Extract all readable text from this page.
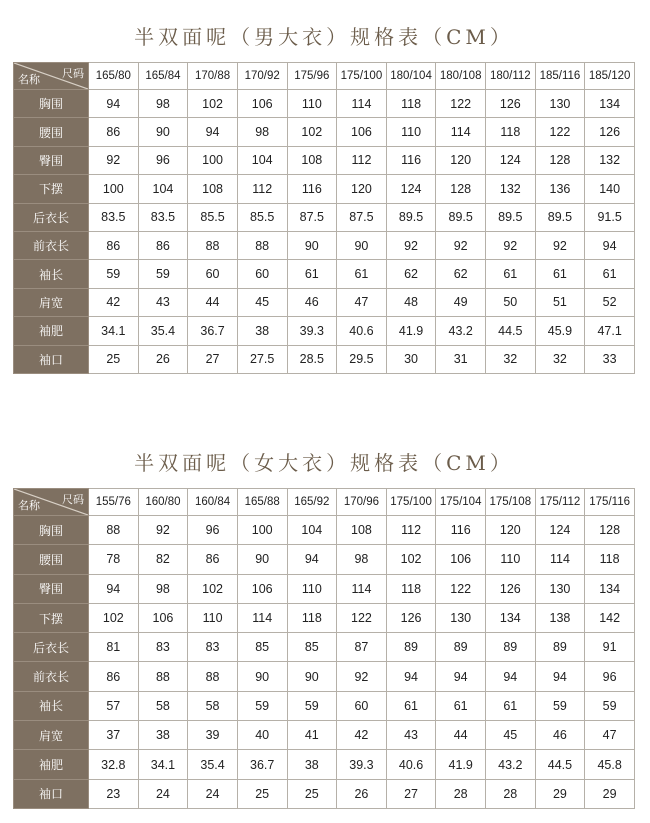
半双面呢（男大衣）规格表（CM）
尺码
名称	165/80	165/84	170/88	170/92	175/96	175/100	180/104	180/108	180/112	185/116	185/120
胸围	94	98	102	106	110	114	118	122	126	130	134
腰围	86	90	94	98	102	106	110	114	118	122	126
臀围	92	96	100	104	108	112	116	120	124	128	132
下摆	100	104	108	112	116	120	124	128	132	136	140
后衣长	83.5	83.5	85.5	85.5	87.5	87.5	89.5	89.5	89.5	89.5	91.5
前衣长	86	86	88	88	90	90	92	92	92	92	94
袖长	59	59	60	60	61	61	62	62	61	61	61
肩宽	42	43	44	45	46	47	48	49	50	51	52
袖肥	34.1	35.4	36.7	38	39.3	40.6	41.9	43.2	44.5	45.9	47.1
袖口	25	26	27	27.5	28.5	29.5	30	31	32	32	33
半双面呢（女大衣）规格表（CM）
尺码
名称	155/76	160/80	160/84	165/88	165/92	170/96	175/100	175/104	175/108	175/112	175/116
胸围	88	92	96	100	104	108	112	116	120	124	128
腰围	78	82	86	90	94	98	102	106	110	114	118
臀围	94	98	102	106	110	114	118	122	126	130	134
下摆	102	106	110	114	118	122	126	130	134	138	142
后衣长	81	83	83	85	85	87	89	89	89	89	91
前衣长	86	88	88	90	90	92	94	94	94	94	96
袖长	57	58	58	59	59	60	61	61	61	59	59
肩宽	37	38	39	40	41	42	43	44	45	46	47
袖肥	32.8	34.1	35.4	36.7	38	39.3	40.6	41.9	43.2	44.5	45.8
袖口	23	24	24	25	25	26	27	28	28	29	29
